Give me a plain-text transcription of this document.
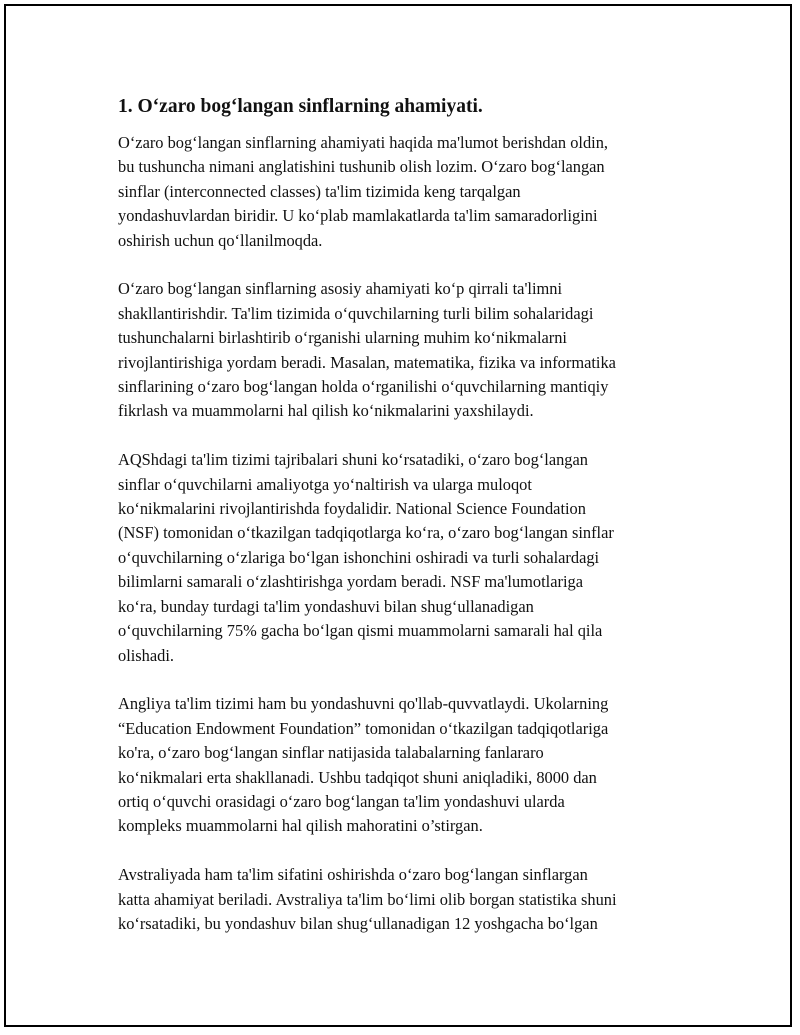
1. O‘zaro bog‘langan sinflarning ahamiyati.
O‘zaro bog‘langan sinflarning ahamiyati haqida ma'lumot berishdan oldin,
bu tushuncha nimani anglatishini tushunib olish lozim. O‘zaro bog‘langan
sinflar (interconnected classes) ta'lim tizimida keng tarqalgan
yondashuvlardan biridir. U ko‘plab mamlakatlarda ta'lim samaradorligini
oshirish uchun qo‘llanilmoqda.
O‘zaro bog‘langan sinflarning asosiy ahamiyati ko‘p qirrali ta'limni
shakllantirishdir. Ta'lim tizimida o‘quvchilarning turli bilim sohalaridagi
tushunchalarni birlashtirib o‘rganishi ularning muhim ko‘nikmalarni
rivojlantirishiga yordam beradi. Masalan, matematika, fizika va informatika
sinflarining o‘zaro bog‘langan holda o‘rganilishi o‘quvchilarning mantiqiy
fikrlash va muammolarni hal qilish ko‘nikmalarini yaxshilaydi.
AQShdagi ta'lim tizimi tajribalari shuni ko‘rsatadiki, o‘zaro bog‘langan
sinflar o‘quvchilarni amaliyotga yo‘naltirish va ularga muloqot
ko‘nikmalarini rivojlantirishda foydalidir. National Science Foundation
(NSF) tomonidan o‘tkazilgan tadqiqotlarga ko‘ra, o‘zaro bog‘langan sinflar
o‘quvchilarning o‘zlariga bo‘lgan ishonchini oshiradi va turli sohalardagi
bilimlarni samarali o‘zlashtirishga yordam beradi. NSF ma'lumotlariga
ko‘ra, bunday turdagi ta'lim yondashuvi bilan shug‘ullanadigan
o‘quvchilarning 75% gacha bo‘lgan qismi muammolarni samarali hal qila
olishadi.
Angliya ta'lim tizimi ham bu yondashuvni qo'llab-quvvatlaydi. Ukolarning
“Education Endowment Foundation” tomonidan o‘tkazilgan tadqiqotlariga
ko'ra, o‘zaro bog‘langan sinflar natijasida talabalarning fanlararo
ko‘nikmalari erta shakllanadi. Ushbu tadqiqot shuni aniqladiki, 8000 dan
ortiq o‘quvchi orasidagi o‘zaro bog‘langan ta'lim yondashuvi ularda
kompleks muammolarni hal qilish mahoratini o’stirgan.
Avstraliyada ham ta'lim sifatini oshirishda o‘zaro bog‘langan sinflargan
katta ahamiyat beriladi. Avstraliya ta'lim bo‘limi olib borgan statistika shuni
ko‘rsatadiki, bu yondashuv bilan shug‘ullanadigan 12 yoshgacha bo‘lgan
